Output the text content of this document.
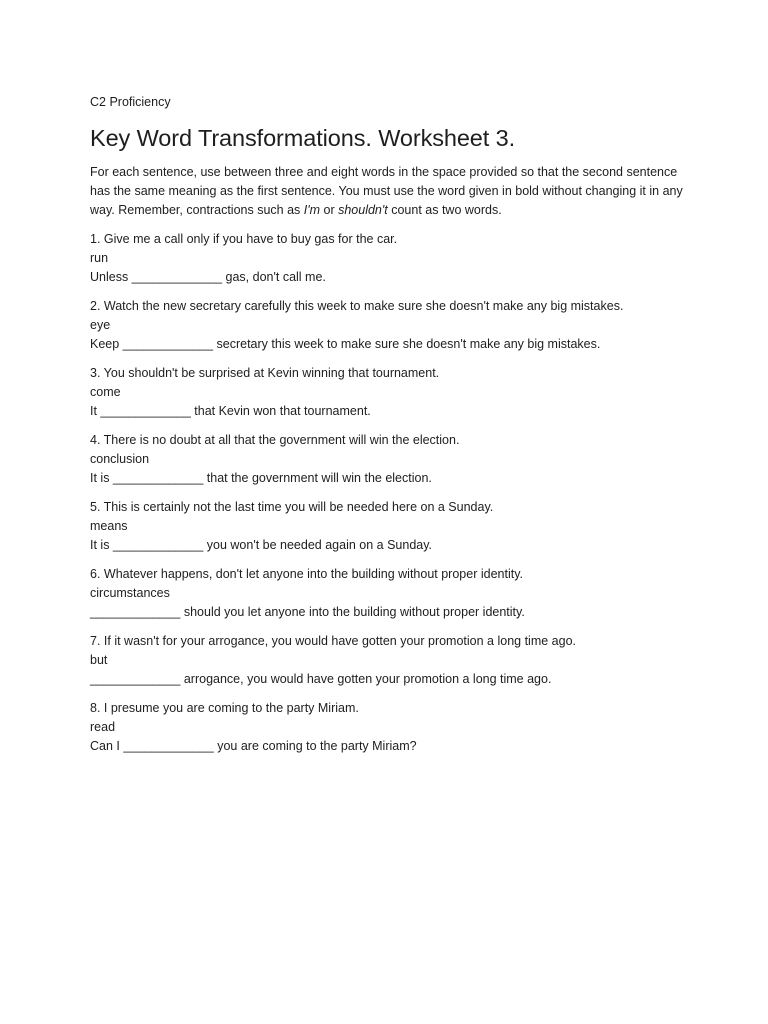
C2 Proficiency

Key Word Transformations. Worksheet 3.

For each sentence, use between three and eight words in the space provided so that the second sentence has the same meaning as the first sentence. You must use the word given in bold without changing it in any way. Remember, contractions such as I'm or shouldn't count as two words.

1. Give me a call only if you have to buy gas for the car.

run

Unless _____________ gas, don't call me.

2. Watch the new secretary carefully this week to make sure she doesn't make any big mistakes.

eye

Keep _____________ secretary this week to make sure she doesn't make any big mistakes.

3. You shouldn't be surprised at Kevin winning that tournament.

come

It _____________ that Kevin won that tournament.

4. There is no doubt at all that the government will win the election.

conclusion

It is _____________ that the government will win the election.

5. This is certainly not the last time you will be needed here on a Sunday.

means

It is _____________ you won't be needed again on a Sunday.

6. Whatever happens, don't let anyone into the building without proper identity.

circumstances

_____________ should you let anyone into the building without proper identity.

7. If it wasn't for your arrogance, you would have gotten your promotion a long time ago.

but

_____________ arrogance, you would have gotten your promotion a long time ago.

8. I presume you are coming to the party Miriam.

read

Can I _____________ you are coming to the party Miriam?
